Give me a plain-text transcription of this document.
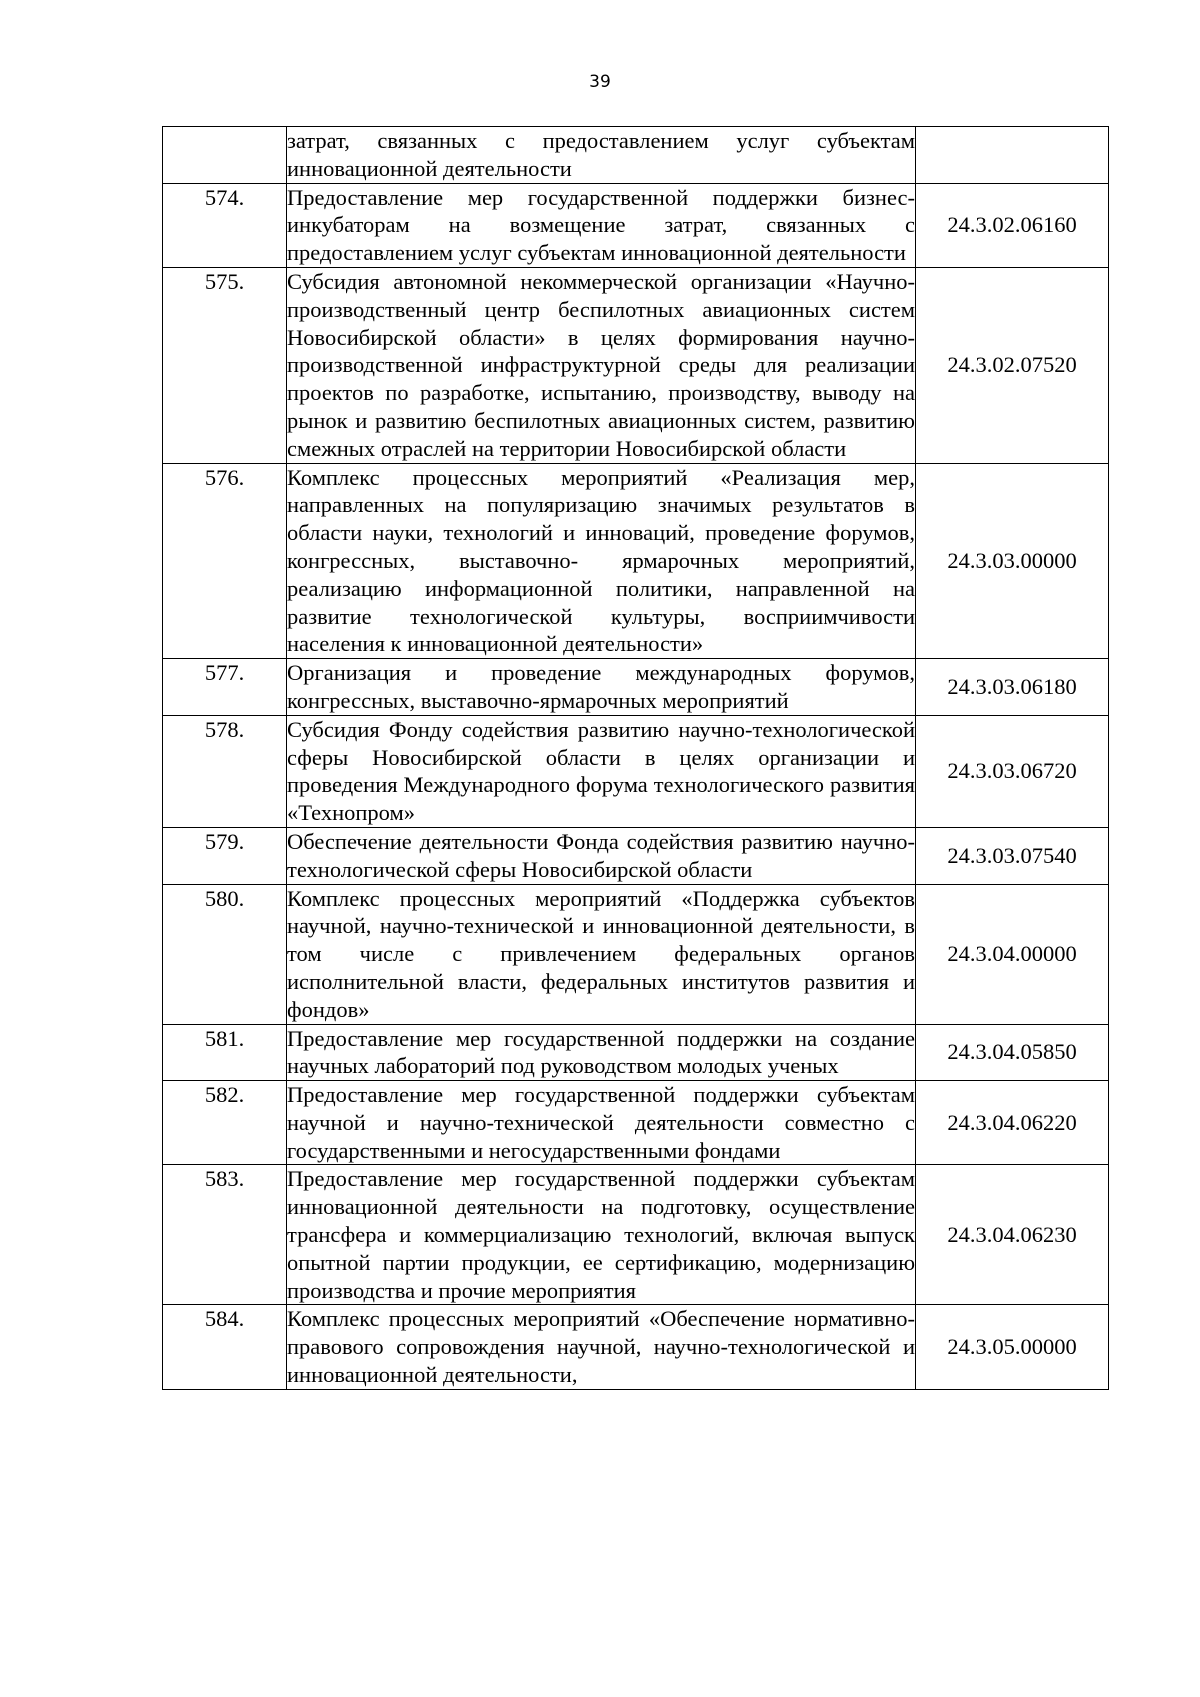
39
	затрат, связанных с предоставлением услуг субъектам инновационной деятельности	
574.	Предоставление мер государственной поддержки бизнес-инкубаторам на возмещение затрат, связанных с предоставлением услуг субъектам инновационной деятельности	24.3.02.06160
575.	Субсидия автономной некоммерческой организации «Научно-производственный центр беспилотных авиационных систем Новосибирской области» в целях формирования научно-производственной инфраструктурной среды для реализации проектов по разработке, испытанию, производству, выводу на рынок и развитию беспилотных авиационных систем, развитию смежных отраслей на территории Новосибирской области	24.3.02.07520
576.	Комплекс процессных мероприятий «Реализация мер, направленных на популяризацию значимых результатов в области науки, технологий и инноваций, проведение форумов, конгрессных, выставочно- ярмарочных мероприятий, реализацию информационной политики, направленной на развитие технологической культуры, восприимчивости населения к инновационной деятельности»	24.3.03.00000
577.	Организация и проведение международных форумов, конгрессных, выставочно-ярмарочных мероприятий	24.3.03.06180
578.	Субсидия Фонду содействия развитию научно-технологической сферы Новосибирской области в целях организации и проведения Международного форума технологического развития «Технопром»	24.3.03.06720
579.	Обеспечение деятельности Фонда содействия развитию научно-технологической сферы Новосибирской области	24.3.03.07540
580.	Комплекс процессных мероприятий «Поддержка субъектов научной, научно-технической и инновационной деятельности, в том числе с привлечением федеральных органов исполнительной власти, федеральных институтов развития и фондов»	24.3.04.00000
581.	Предоставление мер государственной поддержки на создание научных лабораторий под руководством молодых ученых	24.3.04.05850
582.	Предоставление мер государственной поддержки субъектам научной и научно-технической деятельности совместно с государственными и негосударственными фондами	24.3.04.06220
583.	Предоставление мер государственной поддержки субъектам инновационной деятельности на подготовку, осуществление трансфера и коммерциализацию технологий, включая выпуск опытной партии продукции, ее сертификацию, модернизацию производства и прочие мероприятия	24.3.04.06230
584.	Комплекс процессных мероприятий «Обеспечение нормативно-правового сопровождения научной, научно-технологической и инновационной деятельности,	24.3.05.00000
